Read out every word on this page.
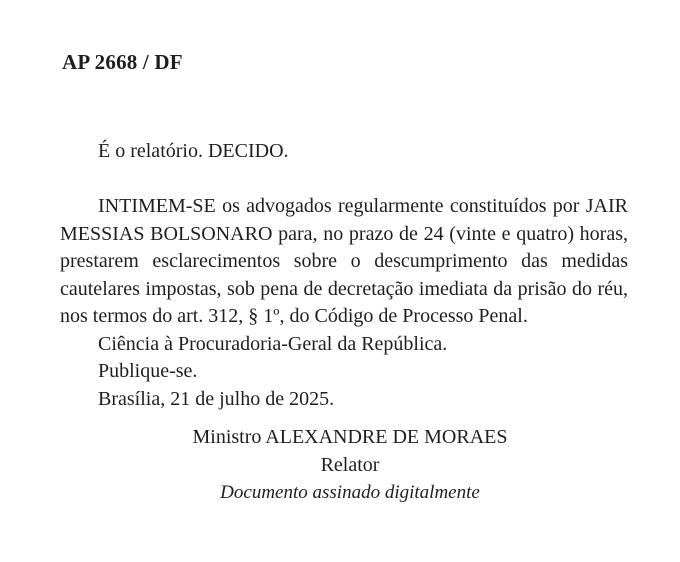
AP 2668 / DF

É o relatório. DECIDO.

INTIMEM-SE os advogados regularmente constituídos por JAIR MESSIAS BOLSONARO para, no prazo de 24 (vinte e quatro) horas, prestarem esclarecimentos sobre o descumprimento das medidas cautelares impostas, sob pena de decretação imediata da prisão do réu, nos termos do art. 312, § 1º, do Código de Processo Penal.

Ciência à Procuradoria-Geral da República.

Publique-se.

Brasília, 21 de julho de 2025.

Ministro ALEXANDRE DE MORAES
Relator
Documento assinado digitalmente
